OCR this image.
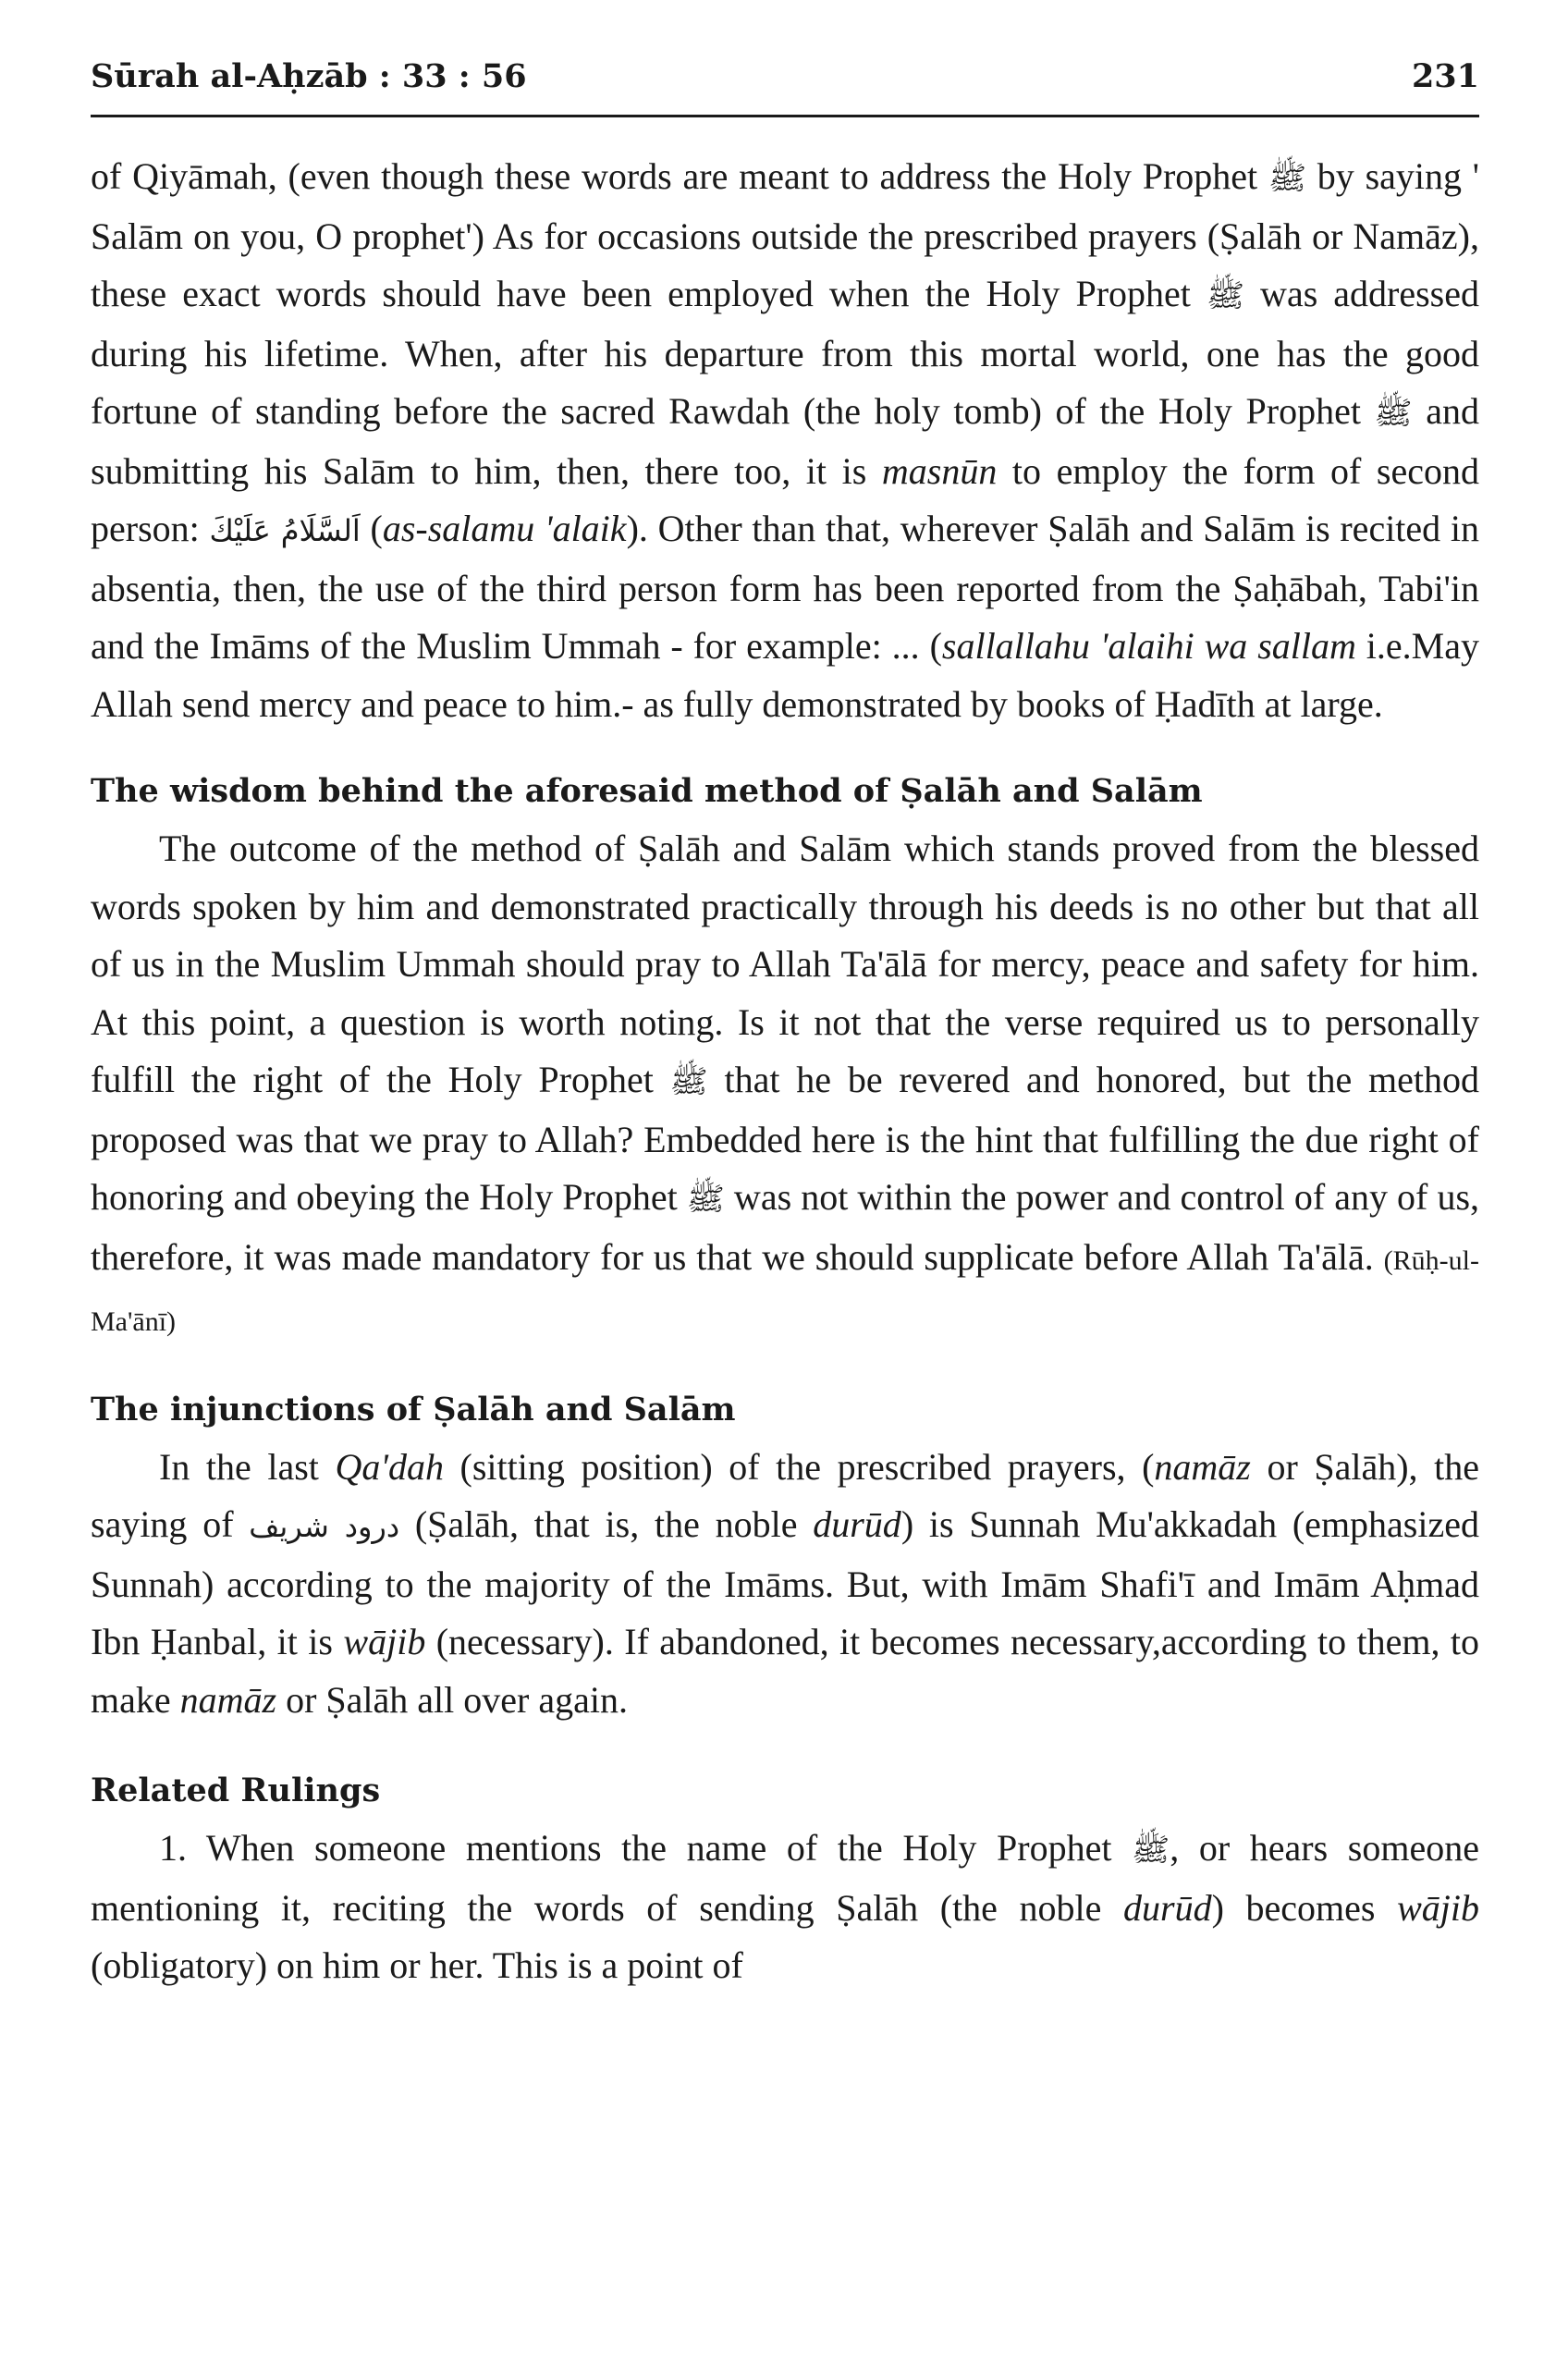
Sūrah al-Aḥzāb : 33 : 56	231

of Qiyāmah, (even though these words are meant to address the Holy Prophet ﷺ by saying ' Salām on you, O prophet') As for occasions outside the prescribed prayers (Ṣalāh or Namāz), these exact words should have been employed when the Holy Prophet ﷺ was addressed during his lifetime. When, after his departure from this mortal world, one has the good fortune of standing before the sacred Rawdah (the holy tomb) of the Holy Prophet ﷺ and submitting his Salām to him, then, there too, it is masnūn to employ the form of second person: اَلسَّلَامُ عَلَيْكَ (as-salamu 'alaik). Other than that, wherever Ṣalāh and Salām is recited in absentia, then, the use of the third person form has been reported from the Ṣaḥābah, Tabi'in and the Imāms of the Muslim Ummah - for example: ... (sallallahu 'alaihi wa sallam i.e.May Allah send mercy and peace to him.- as fully demonstrated by books of Ḥadīth at large.

The wisdom behind the aforesaid method of Ṣalāh and Salām

The outcome of the method of Ṣalāh and Salām which stands proved from the blessed words spoken by him and demonstrated practically through his deeds is no other but that all of us in the Muslim Ummah should pray to Allah Ta'ālā for mercy, peace and safety for him. At this point, a question is worth noting. Is it not that the verse required us to personally fulfill the right of the Holy Prophet ﷺ that he be revered and honored, but the method proposed was that we pray to Allah? Embedded here is the hint that fulfilling the due right of honoring and obeying the Holy Prophet ﷺ was not within the power and control of any of us, therefore, it was made mandatory for us that we should supplicate before Allah Ta'ālā. (Rūḥ-ul- Ma'ānī)

The injunctions of Ṣalāh and Salām

In the last Qa'dah (sitting position) of the prescribed prayers, (namāz or Ṣalāh), the saying of درود شریف (Ṣalāh, that is, the noble durūd) is Sunnah Mu'akkadah (emphasized Sunnah) according to the majority of the Imāms. But, with Imām Shafi'ī and Imām Aḥmad Ibn Ḥanbal, it is wājib (necessary). If abandoned, it becomes necessary,according to them, to make namāz or Ṣalāh all over again.

Related Rulings

1. When someone mentions the name of the Holy Prophet ﷺ, or hears someone mentioning it, reciting the words of sending Ṣalāh (the noble durūd) becomes wājib (obligatory) on him or her. This is a point of
